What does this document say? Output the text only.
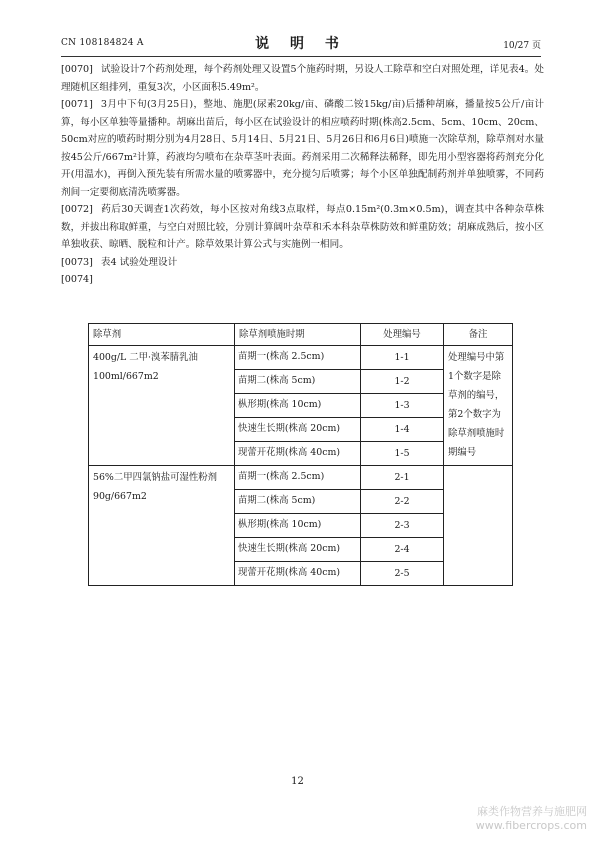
CN 108184824 A	说 明 书	10/27 页

[0070] 试验设计7个药剂处理，每个药剂处理又设置5个施药时期，另设人工除草和空白对照处理，详见表4。处理随机区组排列，重复3次，小区面积5.49m²。

[0071] 3月中下旬(3月25日)，整地、施肥(尿素20kg/亩、磷酸二铵15kg/亩)后播种胡麻，播量按5公斤/亩计算，每小区单独等量播种。胡麻出苗后，每小区在试验设计的相应喷药时期(株高2.5cm、5cm、10cm、20cm、50cm对应的喷药时期分别为4月28日、5月14日、5月21日、5月26日和6月6日)喷施一次除草剂，除草剂对水量按45公斤/667m²计算，药液均匀喷布在杂草茎叶表面。药剂采用二次稀释法稀释，即先用小型容器将药剂充分化开(用温水)，再倒入预先装有所需水量的喷雾器中，充分搅匀后喷雾；每个小区单独配制药剂并单独喷雾，不同药剂间一定要彻底清洗喷雾器。

[0072] 药后30天调查1次药效，每小区按对角线3点取样，每点0.15m²(0.3m×0.5m)，调查其中各种杂草株数，并拔出称取鲜重，与空白对照比较，分别计算阔叶杂草和禾本科杂草株防效和鲜重防效；胡麻成熟后，按小区单独收获、晾晒、脱粒和计产。除草效果计算公式与实施例一相同。

[0073] 表4 试验处理设计

[0074]

除草剂	除草剂喷施时期	处理编号	备注
400g/L 二甲·溴苯腈乳油 100ml/667m2	苗期一(株高 2.5cm)	1-1	处理编号中第1个数字是除草剂的编号，第2个数字为除草剂喷施时期编号
	苗期二(株高 5cm)	1-2	
	枞形期(株高 10cm)	1-3	
	快速生长期(株高 20cm)	1-4	
	现蕾开花期(株高 40cm)	1-5	
56%二甲四氯钠盐可湿性粉剂 90g/667m2	苗期一(株高 2.5cm)	2-1	
	苗期二(株高 5cm)	2-2	
	枞形期(株高 10cm)	2-3	
	快速生长期(株高 20cm)	2-4	
	现蕾开花期(株高 40cm)	2-5	
12
麻类作物营养与施肥网
www.fibercrops.com
